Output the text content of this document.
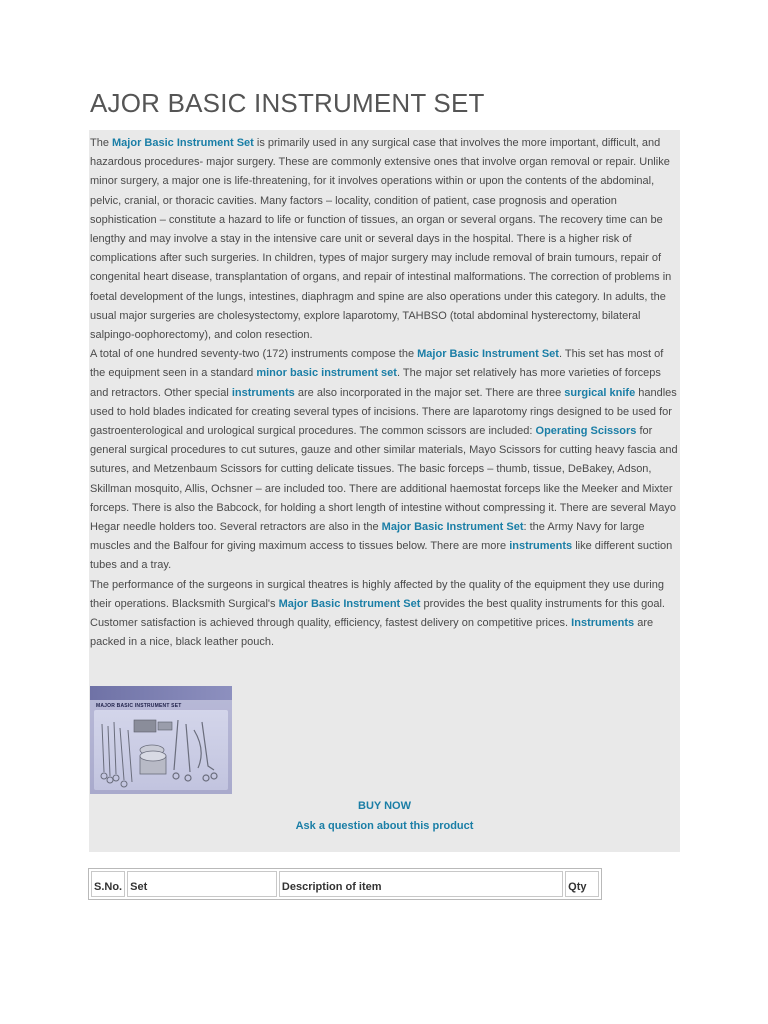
AJOR BASIC INSTRUMENT SET

The Major Basic Instrument Set is primarily used in any surgical case that involves the more important, difficult, and hazardous procedures- major surgery. These are commonly extensive ones that involve organ removal or repair. Unlike minor surgery, a major one is life-threatening, for it involves operations within or upon the contents of the abdominal, pelvic, cranial, or thoracic cavities. Many factors – locality, condition of patient, case prognosis and operation sophistication – constitute a hazard to life or function of tissues, an organ or several organs. The recovery time can be lengthy and may involve a stay in the intensive care unit or several days in the hospital. There is a higher risk of complications after such surgeries. In children, types of major surgery may include removal of brain tumours, repair of congenital heart disease, transplantation of organs, and repair of intestinal malformations. The correction of problems in foetal development of the lungs, intestines, diaphragm and spine are also operations under this category. In adults, the usual major surgeries are cholesystectomy, explore laparotomy, TAHBSO (total abdominal hysterectomy, bilateral salpingo-oophorectomy), and colon resection.

A total of one hundred seventy-two (172) instruments compose the Major Basic Instrument Set. This set has most of the equipment seen in a standard minor basic instrument set. The major set relatively has more varieties of forceps and retractors. Other special instruments are also incorporated in the major set. There are three surgical knife handles used to hold blades indicated for creating several types of incisions. There are laparotomy rings designed to be used for gastroenterological and urological surgical procedures. The common scissors are included: Operating Scissors for general surgical procedures to cut sutures, gauze and other similar materials, Mayo Scissors for cutting heavy fascia and sutures, and Metzenbaum Scissors for cutting delicate tissues. The basic forceps – thumb, tissue, DeBakey, Adson, Skillman mosquito, Allis, Ochsner – are included too. There are additional haemostat forceps like the Meeker and Mixter forceps. There is also the Babcock, for holding a short length of intestine without compressing it. There are several Mayo Hegar needle holders too. Several retractors are also in the Major Basic Instrument Set: the Army Navy for large muscles and the Balfour for giving maximum access to tissues below. There are more instruments like different suction tubes and a tray.

The performance of the surgeons in surgical theatres is highly affected by the quality of the equipment they use during their operations. Blacksmith Surgical's Major Basic Instrument Set provides the best quality instruments for this goal. Customer satisfaction is achieved through quality, efficiency, fastest delivery on competitive prices. Instruments are packed in a nice, black leather pouch.

MAJOR BASIC INSTRUMENT SET
BUY NOW
Ask a question about this product
S.No.	Set	Description of item	Qty
